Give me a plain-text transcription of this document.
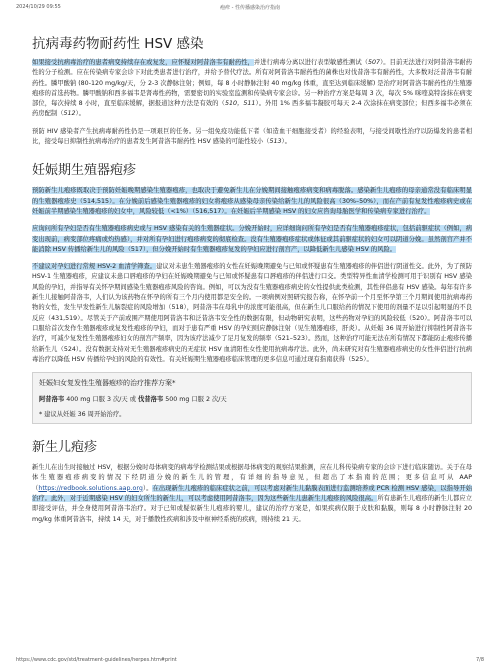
2024/10/29 09:55	疱疹 - 性传播感染治疗指南
抗病毒药物耐药性 HSV 感染

如果接受抗病毒治疗的患者病变持续存在或复发，应怀疑对阿昔洛韦有耐药性，并进行病毒分离以进行表型敏感性测试（507）。目前无法进行对阿昔洛韦耐药性的分子检测。应在传染病专家会诊下对此类患者进行治疗，并给予替代疗法。所有对阿昔洛韦耐药性的菌株也对伐昔洛韦有耐药性，大多数对泛昔洛韦有耐药性。膦甲酸钠 (80-120 mg/kg/天，分 2-3 次静脉注射；例如，每 8 小时静脉注射 40 mg/kg 体重，直至达到临床缓解) 是治疗对阿昔洛韦耐药性的生殖器疱疹的首选药物。膦甲酸钠和西多福韦是肾毒性药物，需要密切的实验室监测和传染病专家会诊。另一种治疗方案是每周 3 次，每次 5% 咪喹莫特涂抹在病变部位，每次持续 8 小时，直至临床缓解，据报道这种方法是有效的（510，511）。外用 1% 西多福韦凝胶可每天 2-4 次涂抹在病变部位；但西多福韦必须在药房配制（512）。

预防 HIV 感染者产生抗病毒耐药性仍是一项艰巨的任务。另一组免疫功能低下者（如造血干细胞接受者）的经验表明，与接受间歇性治疗以防爆发的患者相比，接受每日抑制性抗病毒治疗的患者发生阿昔洛韦耐药性 HSV 感染的可能性较小（513）。

妊娠期生殖器疱疹

预防新生儿疱疹既取决于预防妊娠晚期感染生殖器疱疹，也取决于避免新生儿在分娩期间接触疱疹病变和病毒脱落。感染新生儿疱疹的母亲通常没有临床明显的生殖器疱疹史（514,515）。在分娩前后感染生殖器疱疹的妇女将疱疹从感染母亲传染给新生儿的风险很高（30%–50%），而在产前有复发性疱疹病史或在妊娠前半期感染生殖器疱疹的妇女中，风险较低（<1%）（516,517）。在妊娠后半期感染 HSV 的妇女应咨询母胎医学和传染病专家进行治疗。

应询问所有孕妇是否有生殖器疱疹病史或与 HSV 感染有关的生殖器症状。分娩开始时，应详细询问所有孕妇是否有生殖器疱疹症状，包括前驱症状（例如，病变出现前，病变部位疼痛或灼热感），并对所有孕妇进行疱疹病变的彻底检查。没有生殖器疱疹症状或体征或其前驱症状的妇女可以阴道分娩。虽然剖宫产并不能消除 HSV 传播给新生儿的风险（517），但分娩开始时有生殖器疱疹复发的孕妇应进行剖宫产，以降低新生儿感染 HSV 的风险。

不建议对孕妇进行常规 HSV-2 血清学筛查。建议对未患生殖器疱疹的女性在妊娠晚期避免与已知或怀疑患有生殖器疱疹的伴侣进行阴道性交。此外，为了预防 HSV-1 生殖器疱疹，应建议未患口唇疱疹的孕妇在妊娠晚期避免与已知或怀疑患有口唇疱疹的伴侣进行口交。类型特异性血清学检测可用于识别有 HSV 感染风险的孕妇，并指导有关怀孕期间感染生殖器疱疹风险的咨询。例如，可以为没有生殖器疱疹病史的女性提供此类检测，其性伴侣患有 HSV 感染。每年有许多新生儿接触阿昔洛韦，人们认为该药物在怀孕的所有三个月内使用都是安全的。一项病例对照研究报告称，在怀孕前一个月至怀孕第三个月期间使用抗病毒药物的女性，发生早发性新生儿脑裂症的风险增加（518），阿昔洛韦在母乳中的浓度可能很高，但在新生儿口服给药的情况下使用的剂量不足以引起明显的不良反应（431,519）。尽管关于产前或围产期使用阿昔洛韦和泛昔洛韦安全性的数据有限，但动物研究表明，这些药物对孕妇的风险较低（520）。阿昔洛韦可以口服给首次发作生殖器疱疹或复发性疱疹的孕妇，而对于患有严重 HSV 的孕妇则应静脉注射（见生殖器疱疹，肝炎）。从妊娠 36 周开始进行抑制性阿昔洛韦治疗，可减少复发性生殖器疱疹妇女的剖宫产频率，因为该疗法减少了足月复发的频率（521–523）。然而，这种治疗可能无法在所有情况下都能防止疱疹传播给新生儿（524）。没有数据支持对无生殖器疱疹病史的无症状 HSV 血清阳性女性使用抗病毒疗法。此外，尚未研究对有生殖器疱疹病史的女性伴侣进行抗病毒治疗以降低 HSV 传播给孕妇的风险的有效性。有关妊娠期生殖器疱疹临床管理的更多信息可通过现有指南获得（525）。

妊娠妇女复发性生殖器疱疹的治疗推荐方案*
阿昔洛韦 400 mg 口服 3 次/天 或 伐昔洛韦 500 mg 口服 2 次/天
* 建议从妊娠 36 周开始治疗。
新生儿疱疹

新生儿在出生时接触过 HSV，根据分娩时母体病变的病毒学检测结果或根据母体病变的观察结果推测，应在儿科传染病专家的会诊下进行临床随访。关于在母体生殖器疱疹病变的情况下经阴道分娩的新生儿的管理，有详细的指导意见，但超出了本指南的范围；更多信息可从 AAP（https://redbook.solutions.aap.org）。在出现新生儿疱疹的临床症状之前，可以考虑对新生儿黏膜表面进行监测培养或 PCR 检测 HSV 感染，以指导开始治疗。此外，对于近期感染 HSV 的妇女所生的新生儿，可以考虑使用阿昔洛韦，因为这些新生儿患新生儿疱疹的风险很高。所有患新生儿疱疹的新生儿都应立即接受评估，并全身使用阿昔洛韦治疗。对于已知或疑似新生儿疱疹的婴儿，建议的治疗方案是，如果疾病仅限于皮肤和黏膜，则每 8 小时静脉注射 20 mg/kg 体重阿昔洛韦，持续 14 天，对于播散性疾病和涉及中枢神经系统的疾病，则持续 21 天。

https://www.cdc.gov/std/treatment-guidelines/herpes.htm#print	7/8
